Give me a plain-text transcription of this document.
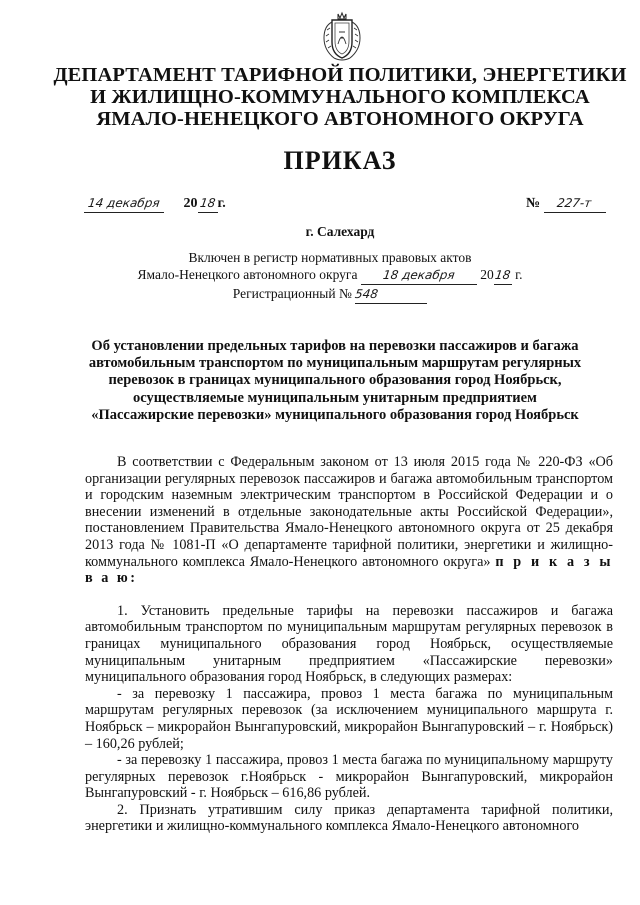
ДЕПАРТАМЕНТ ТАРИФНОЙ ПОЛИТИКИ, ЭНЕРГЕТИКИ
И ЖИЛИЩНО-КОММУНАЛЬНОГО КОМПЛЕКСА
ЯМАЛО-НЕНЕЦКОГО АВТОНОМНОГО ОКРУГА
ПРИКАЗ
14 декабря 2018г.	№ 227-т
г. Салехард
Включен в регистр нормативных правовых актов
Ямало-Ненецкого автономного округа 18 декабря 2018 г.
Регистрационный № 548
Об установлении предельных тарифов на перевозки пассажиров и багажа автомобильным транспортом по муниципальным маршрутам регулярных перевозок в границах муниципального образования город Ноябрьск, осуществляемые муниципальным унитарным предприятием «Пассажирские перевозки» муниципального образования город Ноябрьск

В соответствии с Федеральным законом от 13 июля 2015 года № 220-ФЗ «Об организации регулярных перевозок пассажиров и багажа автомобильным транспортом и городским наземным электрическим транспортом в Российской Федерации и о внесении изменений в отдельные законодательные акты Российской Федерации», постановлением Правительства Ямало-Ненецкого автономного округа от 25 декабря 2013 года № 1081-П «О департаменте тарифной политики, энергетики и жилищно-коммунального комплекса Ямало-Ненецкого автономного округа» п р и к а з ы в а ю:

1. Установить предельные тарифы на перевозки пассажиров и багажа автомобильным транспортом по муниципальным маршрутам регулярных перевозок в границах муниципального образования город Ноябрьск, осуществляемые муниципальным унитарным предприятием «Пассажирские перевозки» муниципального образования город Ноябрьск, в следующих размерах:

- за перевозку 1 пассажира, провоз 1 места багажа по муниципальным маршрутам регулярных перевозок (за исключением муниципального маршрута г. Ноябрьск – микрорайон Вынгапуровский, микрорайон Вынгапуровский – г. Ноябрьск) – 160,26 рублей;

- за перевозку 1 пассажира, провоз 1 места багажа по муниципальному маршруту регулярных перевозок г.Ноябрьск - микрорайон Вынгапуровский, микрорайон Вынгапуровский - г. Ноябрьск – 616,86 рублей.

2. Признать утратившим силу приказ департамента тарифной политики, энергетики и жилищно-коммунального комплекса Ямало-Ненецкого автономного
